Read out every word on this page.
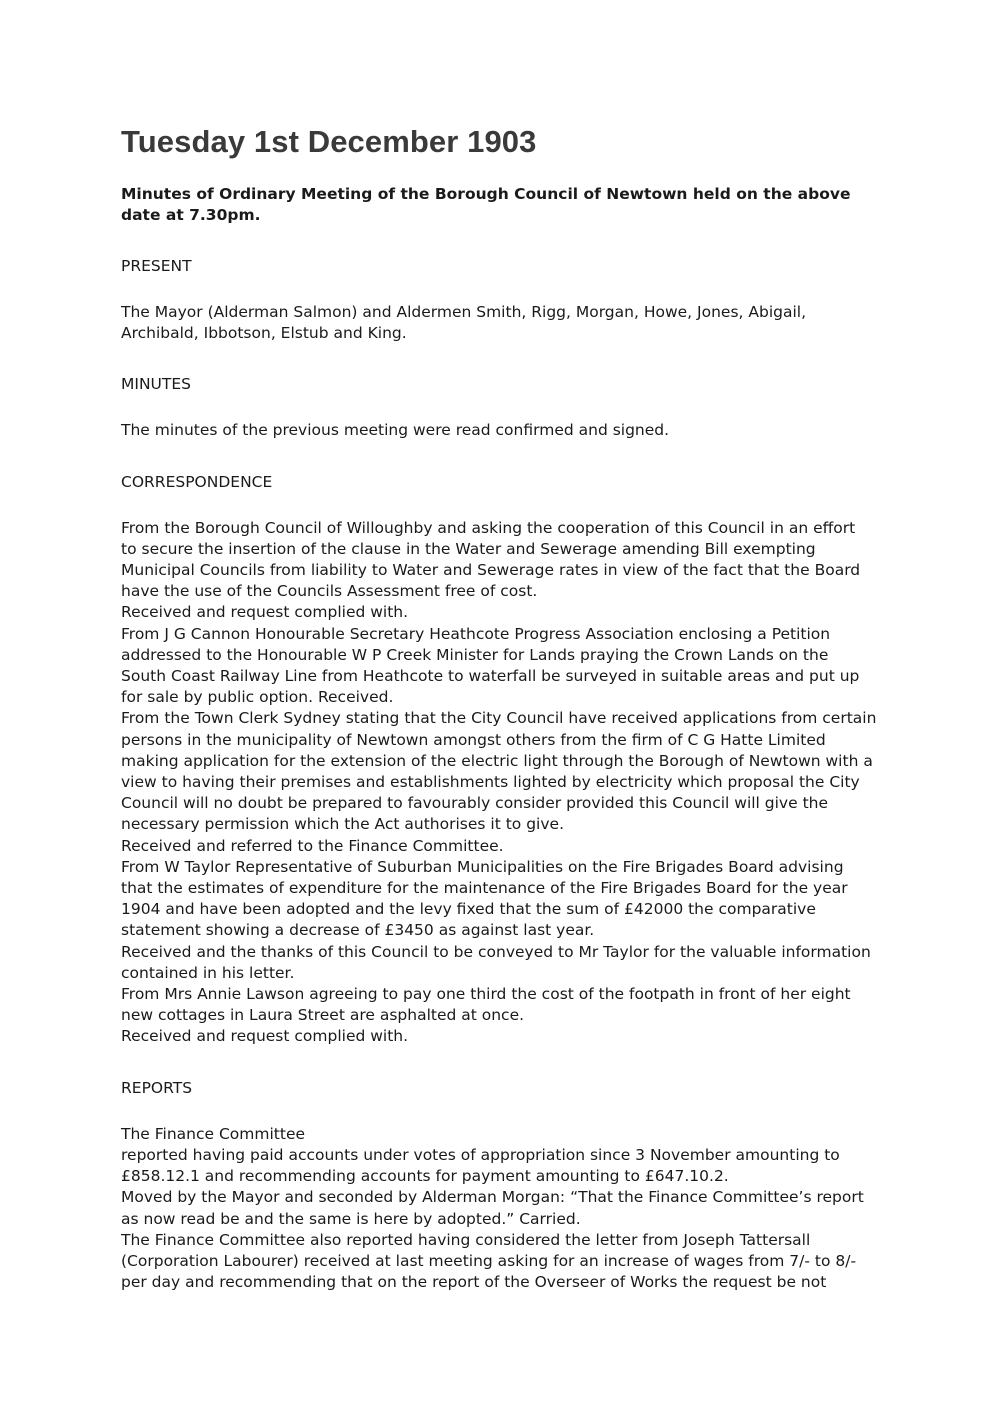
Tuesday 1st December 1903
Minutes of Ordinary Meeting of the Borough Council of Newtown held on the above
date at 7.30pm.
PRESENT
The Mayor (Alderman Salmon) and Aldermen Smith, Rigg, Morgan, Howe, Jones, Abigail,
Archibald, Ibbotson, Elstub and King.
MINUTES
The minutes of the previous meeting were read confirmed and signed.
CORRESPONDENCE
From the Borough Council of Willoughby and asking the cooperation of this Council in an effort
to secure the insertion of the clause in the Water and Sewerage amending Bill exempting
Municipal Councils from liability to Water and Sewerage rates in view of the fact that the Board
have the use of the Councils Assessment free of cost.
Received and request complied with.
From J G Cannon Honourable Secretary Heathcote Progress Association enclosing a Petition
addressed to the Honourable W P Creek Minister for Lands praying the Crown Lands on the
South Coast Railway Line from Heathcote to waterfall be surveyed in suitable areas and put up
for sale by public option. Received.
From the Town Clerk Sydney stating that the City Council have received applications from certain
persons in the municipality of Newtown amongst others from the firm of C G Hatte Limited
making application for the extension of the electric light through the Borough of Newtown with a
view to having their premises and establishments lighted by electricity which proposal the City
Council will no doubt be prepared to favourably consider provided this Council will give the
necessary permission which the Act authorises it to give.
Received and referred to the Finance Committee.
From W Taylor Representative of Suburban Municipalities on the Fire Brigades Board advising
that the estimates of expenditure for the maintenance of the Fire Brigades Board for the year
1904 and have been adopted and the levy fixed that the sum of £42000 the comparative
statement showing a decrease of £3450 as against last year.
Received and the thanks of this Council to be conveyed to Mr Taylor for the valuable information
contained in his letter.
From Mrs Annie Lawson agreeing to pay one third the cost of the footpath in front of her eight
new cottages in Laura Street are asphalted at once.
Received and request complied with.
REPORTS
The Finance Committee
reported having paid accounts under votes of appropriation since 3 November amounting to
£858.12.1 and recommending accounts for payment amounting to £647.10.2.
Moved by the Mayor and seconded by Alderman Morgan: “That the Finance Committee’s report
as now read be and the same is here by adopted.” Carried.
The Finance Committee also reported having considered the letter from Joseph Tattersall
(Corporation Labourer) received at last meeting asking for an increase of wages from 7/- to 8/-
per day and recommending that on the report of the Overseer of Works the request be not
